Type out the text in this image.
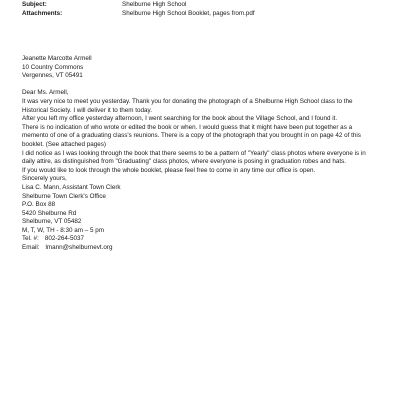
Subject:	Shelburne High School
Attachments:	Shelburne High School Booklet, pages from.pdf
Jeanette Marcotte Armell
10 Country Commons
Vergennes, VT 05491

Dear Ms. Armell,

It was very nice to meet you yesterday. Thank you for donating the photograph of a Shelburne High School class to the Historical Society. I will deliver it to them today.

After you left my office yesterday afternoon, I went searching for the book about the Village School, and I found it.

There is no indication of who wrote or edited the book or when. I would guess that it might have been put together as a memento of one of a graduating class's reunions. There is a copy of the photograph that you brought in on page 42 of this booklet. (See attached pages)

I did notice as I was looking through the book that there seems to be a pattern of "Yearly" class photos where everyone is in daily attire, as distinguished from "Graduating" class photos, where everyone is posing in graduation robes and hats.

If you would like to look through the whole booklet, please feel free to come in any time our office is open.

Sincerely yours,

Lisa C. Mann, Assistant Town Clerk
Shelburne Town Clerk's Office
P.O. Box 88
5420 Shelburne Rd
Shelburne, VT 05482
M, T, W, TH - 8:30 am – 5 pm
Tel. #: 802-264-5037
Email: lmann@shelburnevt.org
